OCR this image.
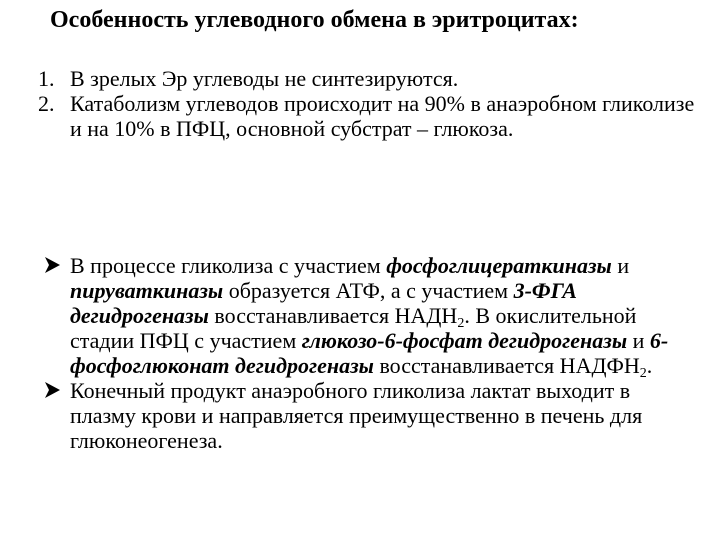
Особенность углеводного обмена в эритроцитах:
1. В зрелых Эр углеводы не синтезируются.
2. Катаболизм углеводов происходит на 90% в анаэробном гликолизе и на 10% в ПФЦ, основной субстрат – глюкоза.
В процессе гликолиза с участием фосфоглицераткиназы и пируваткиназы образуется АТФ, а с участием 3-ФГА дегидрогеназы восстанавливается $НАДН_2$. В окислительной стадии ПФЦ с участием глюкозо-6-фосфат дегидрогеназы и 6-фосфоглюконат дегидрогеназы восстанавливается $НАДФН_2$.
Конечный продукт анаэробного гликолиза лактат выходит в плазму крови и направляется преимущественно в печень для глюконеогенеза.
